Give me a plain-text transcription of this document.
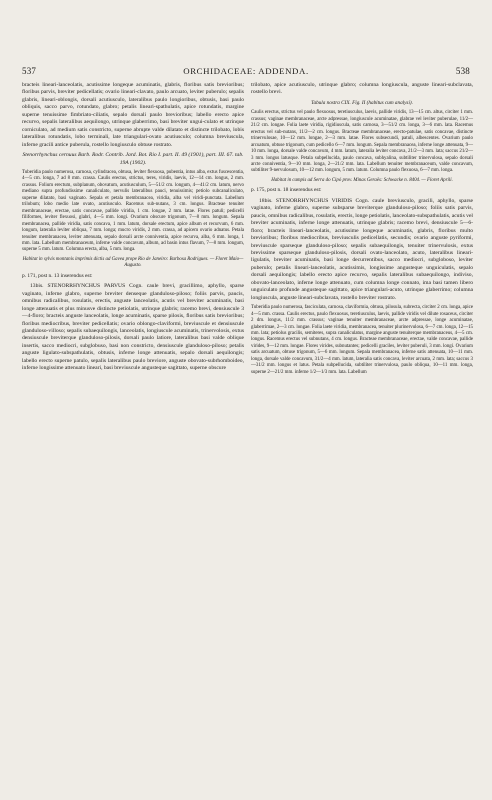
537	ORCHIDACEAE: ADDENDA.	538

bracteis lineari-lanceolatis, acutissime longeque acuminatis, glabris, floribus satis brevioribus; floribus parvis, breviter pedicellatis; ovario lineari-clavato, paulo arcuato, leviter puberulo; sepalis glabris, lineari-oblongis, dorsali acutiusculo, lateralibus paulo longioribus, obtusis, basi paulo obliquis, sacco parvo, rotundato, glabro; petalis lineari-spathulatis, apice rotundatis, margine superne tenuissime fimbriato-ciliatis, sepalo dorsali paulo brevioribus; labello erecto apice recurvo, sepalis lateralibus aequilongo, utrinque glaberrimo, basi breviter ungui-culato et utrinque corniculato, ad medium satis constricto, superne abrupte valde dilatato et distincte trilobato, lobis lateralibus rotundatis, lobo terminali, late triangulari-ovato acutiusculo; columna breviuscula, inferne gracili antice puberula, rostello longiusculo obtuse rostrato.

Stenorrhynchus cernuus Barb. Rodr. Contrib. Jard. Bot. Rio I. part. II. 49 (1901), part. III. 67. tab. 19A (1902).

Tuberidia paulo numerosa, carnosa, cylindracea, obtusa, leviter flexuosa, pubentia, intus alba, extus fuscescentia, 4—5 cm. longa, 7 ad 8 mm. crassa. Caulis erectus, strictus, teres, viridis, laevis, 12—14 cm. longus, 2 mm. crassus. Folium erectum, subplanum, obovatum, acutiusculum, 5—51/2 cm. longum, 4—41/2 cm. latum, nervo mediano supra profundissime canaliculato, nervulis lateralibus pauci, tenuissimis; petiolo subcanaliculato, superne dilatato, basi vaginato. Sepala et petala membranacea, viridia, alba vel viridi-punctata. Labellum trilobum; lobo medio late ovato, acutiusculo. Racemus sub-nutans, 3 cm. longus. Bracteae tenuiter membranaceae, erectae, satis concavae, pallide viridia, 1 cm. longae, 2 mm. latae. Flores patuli; pedicelli filiformes, leviter flexuosi, glabri, 4—5 mm. longi. Ovarium obscure trigonum, 7—8 mm. longum. Sepala membranacea, pallide viridia, satis concava, 1 mm. latum, dorsale erectum, apice album et recurvum, 6 mm. longum, lateralia leviter obliqua, 7 mm. longa; mucro viridis, 2 mm. crassa, ad apicem ovario adnatus. Petala tenuiter membranacea, leviter attenuata, sepalo dorsali arcte conniventia, apice recurva, alba, 6 mm. longa, 1 mm. lata. Labellum membranaceum, inferne valde concavum, album, ad basin intus flavum, 7—8 mm. longum, superne 5 mm. latum. Columna erecta, alba, 5 mm. longa.

Habitat in sylvis montanis imprimis dictis ad Gavea prope Rio de Janeiro: Barbosa Rodrigues. — Floret Maio—Augusto.

p. 171, post n. 13 inserendus est:

13bis. STENORRHYNCHUS PARVUS Cogn. caule brevi, gracillimo, aphyllo, sparse vaginato, inferne glabro, superne breviter denseque glanduloso-piloso; foliis parvis, paucis, omnibus radicalibus, rosulatis, erectis, anguste lanceolatis, acutis vel breviter acuminatis, basi longe attenuatis et plus minusve distincte petiolatis, utrinque glabris; racemo brevi, densiuscule 3—4-floro; bracteis anguste lanceolatis, longe acuminatis, sparse pilosis, floribus satis brevioribus; floribus mediocribus, breviter pedicellatis; ovario oblongo-claviformi, breviuscule et densiuscule glanduloso-villoso; sepalis subaequilongis, lanceolatis, longiuscule acuminatis, trinervolosis, extus densiuscule breviterque glanduloso-pilosis, dorsali paulo latiore, lateralibus basi valde oblique insertis, sacco mediocri, subglobuso, basi non constricto, densiuscule glanduloso-piloso; petalis anguste ligulato-subspathulatis, obtusis, inferne longe attenuatis, sepalo dorsali aequilongis; labello erecto superne patulo, sepalis lateralibus paulo breviore, anguste obovato-subrhomboideo, inferne longissime attenuato lineari, basi breviuscule angusteque sagittato, superne obscure

trilobato, apice acutiusculo, utrinque glabro; columna longiuscula, anguste lineari-subclavata, rostello brevi.

Tabula nostra CIX. Fig. II (habitus cum analysi).

Caulis erectus, strictus vel paulo flexuosus, teretiusculus, laevis, pallide viridis, 13—15 cm. altus, circiter 1 mm. crassus; vaginae membranaceae, arcte adpressae, longiuscule acuminatae, glabrae vel leviter puberulae, 11/2—21/2 cm. longae. Folia laete viridia, rigidiuscula, satis carnosa, 3—51/2 cm. longa, 3—6 mm. lata. Racemus erectus vel sub-nutans, 11/2—2 cm. longus. Bracteae membranaceae, erecto-patulae, satis concavae, distincte trinervulosae, 10—12 mm. longae, 2—3 mm. latae. Flores subsecundi, patuli, albescentes. Ovarium paulo arcuatum, obtuse trigonum, cum pedicello 6—7 mm. longum. Sepala membranacea, inferne longe attenuata, 9—10 mm. longa, dorsale valde concavum, 4 mm. latum, lateralia leviter concava, 21/2—3 mm. lata; saccus 21/2—3 mm. longus latusque. Petala subpellucida, paulo concava, subhyalina, subtiliter trinervulosa, sepalo dorsali arcte conniventia, 9—10 mm. longa, 2—21/2 mm. lata. Labellum tenuiter membranaceum, valde concavum, subtiliter 9-nervulosum, 10—12 mm. longum, 5 mm. latum. Columna paulo flexuosa, 6—7 mm. longa.

Habitat in campis ad Serra do Cipó prov. Minas Geraës: Schwacke n. 8404. — Floret Aprili.

p. 175, post n. 18 inserendus est:

18bis. STENORRHYNCHUS VIRIDIS Cogn. caule breviusculo, gracili, aphyllo, sparse vaginato, inferne glabro, superne subsparse breviterque glanduloso-piloso; foliis satis parvis, paucis, omnibus radicalibus, rosulatis, erectis, longe petiolatis, lanceolato-subspathulatis, acutis vel breviter acuminatis, inferne longe attenuatis, utrinque glabris; racemo brevi, densiuscule 5—6-floro; bracteis lineari-lanceolatis, acutissime longeque acuminatis, glabris, floribus multo brevioribus; floribus mediocribus, breviusculis pedicellatis, secundis; ovario anguste pyriformi, breviuscule sparseque glanduloso-piloso; sepalis subaequilongis, tenuiter trinervulosis, extus brevissime sparseque glanduloso-pilosis, dorsali ovato-lanceolato, acuto, lateralibus lineari-ligulatis, breviter acuminatis, basi longe decurrentibus, sacco mediocri, subgloboso, leviter puberulo; petalis lineari-lanceolatis, acutissimis, longissime angusteque unguiculatis, sepalo dorsali aequilongis; labello erecto apice recurvo, sepalis lateralibus subaequilongo, indiviso, obovato-lanceolato, inferne longe attenuato, cum columna longe connato, ima basi tamen libero unguiculato profunde angusteque sagittato, apice triangulari-acuto, utrinque glaberrimo; columna longiuscula, anguste lineari-subclavata, rostello breviter rostrato.

Tuberidia paulo numerosa, fasciculata, carnosa, claviformia, obtusa, pilosula, subrecta, circiter 2 cm. longa, apice 4—5 mm. crassa. Caulis erectus, paulo flexuosus, teretiusculus, laevis, pallide viridis vel dilute rosaceus, circiter 2 dm. longus, 11/2 mm. crassus; vaginae tenuiter membranaceae, arcte adpressae, longe acuminatae, glaberrimae, 2—3 cm. longae. Folia laete viridia, membranacea, tenuiter plurinervulosa, 6—7 cm. longa, 12—15 mm. lata; petiolus gracilis, semiteres, supra canaliculatus, margine anguste tenuiterque membranaceus, 4—5 cm. longus. Racemus erectus vel subnutans, 4 cm. longus. Bracteae membranaceae, erectae, valde concavae, pallide virides, 9—12 mm. longae. Flores virides, subnutantes; pedicelli graciles, leviter puberuli, 3 mm. longi. Ovarium satis arcuatum, obtuse trigonum, 5—6 mm. longum. Sepala membranacea, inferne satis attenuata, 10—11 mm. longa, dorsale valde concavum, 31/2—4 mm. latum, lateralia satis concava, leviter arcuata, 2 mm. lata; saccus 3—31/2 mm. longus et latus. Petala subpellucida, subtiliter trinervulosa, paulo obliqua, 10—11 mm. longa, superne 2—21/2 mm. inferne 1/2—1/3 mm. lata. Labellum
